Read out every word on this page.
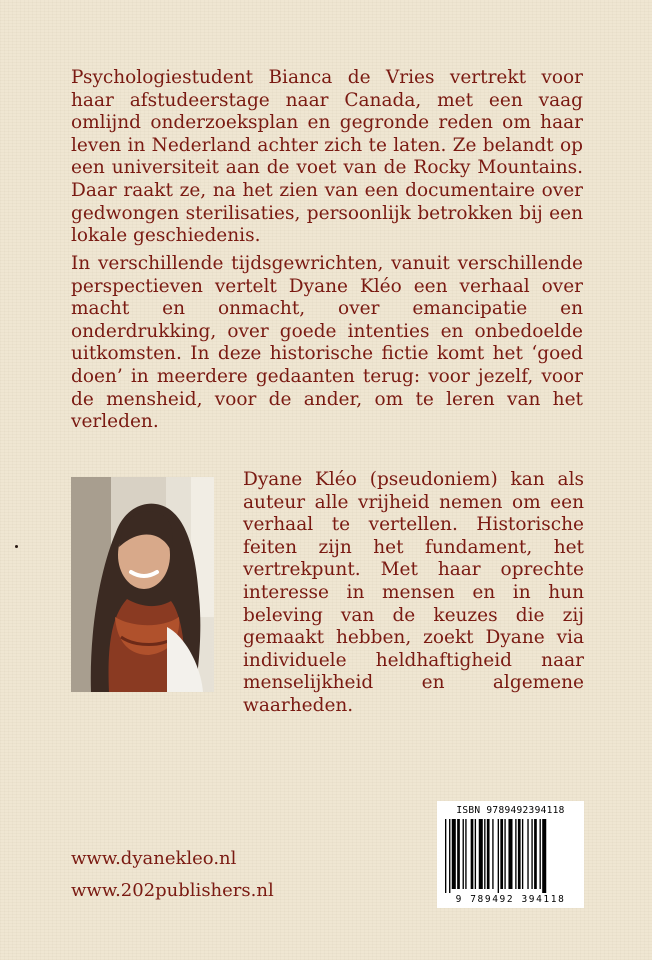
Psychologiestudent Bianca de Vries vertrekt voor haar afstudeerstage naar Canada, met een vaag omlijnd onderzoeksplan en gegronde reden om haar leven in Nederland achter zich te laten. Ze belandt op een universiteit aan de voet van de Rocky Mountains. Daar raakt ze, na het zien van een documentaire over gedwongen sterilisaties, persoonlijk betrokken bij een lokale geschiedenis.

In verschillende tijdsgewrichten, vanuit verschillende perspectieven vertelt Dyane Kléo een verhaal over macht en onmacht, over emancipatie en onderdrukking, over goede intenties en onbedoelde uitkomsten. In deze historische fictie komt het ‘goed doen’ in meerdere gedaanten terug: voor jezelf, voor de mensheid, voor de ander, om te leren van het verleden.

Dyane Kléo (pseudoniem) kan als auteur alle vrijheid nemen om een verhaal te vertellen. Historische feiten zijn het fundament, het vertrekpunt. Met haar oprechte interesse in mensen en in hun beleving van de keuzes die zij gemaakt hebben, zoekt Dyane via individuele heldhaftigheid naar menselijkheid en algemene waarheden.

www.dyanekleo.nl
www.202publishers.nl
ISBN 9789492394118
9 789492 394118
